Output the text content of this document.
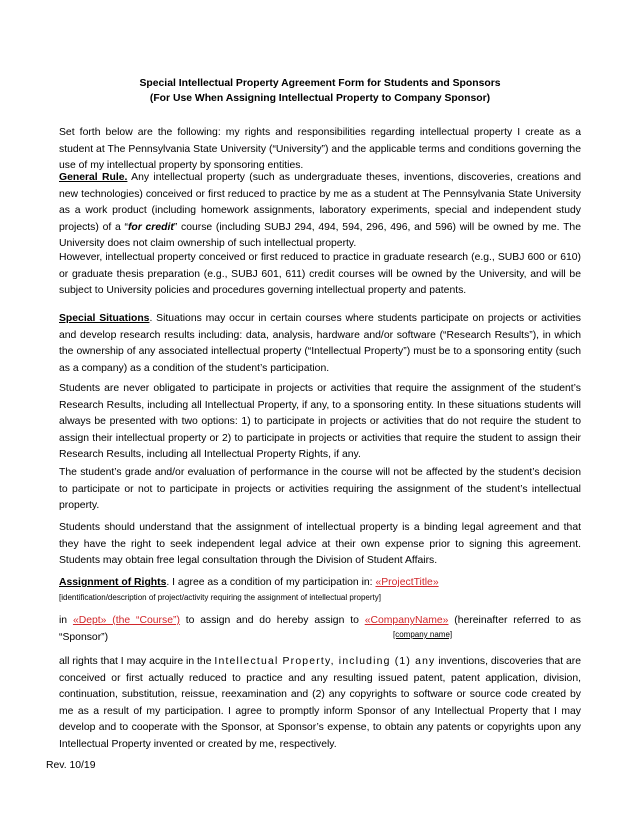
Special Intellectual Property Agreement Form for Students and Sponsors
(For Use When Assigning Intellectual Property to Company Sponsor)

Set forth below are the following: my rights and responsibilities regarding intellectual property I create as a student at The Pennsylvania State University (“University”) and the applicable terms and conditions governing the use of my intellectual property by sponsoring entities.

General Rule. Any intellectual property (such as undergraduate theses, inventions, discoveries, creations and new technologies) conceived or first reduced to practice by me as a student at The Pennsylvania State University as a work product (including homework assignments, laboratory experiments, special and independent study projects) of a “for credit” course (including SUBJ 294, 494, 594, 296, 496, and 596) will be owned by me. The University does not claim ownership of such intellectual property.

However, intellectual property conceived or first reduced to practice in graduate research (e.g., SUBJ 600 or 610) or graduate thesis preparation (e.g., SUBJ 601, 611) credit courses will be owned by the University, and will be subject to University policies and procedures governing intellectual property and patents.

Special Situations. Situations may occur in certain courses where students participate on projects or activities and develop research results including: data, analysis, hardware and/or software (“Research Results”), in which the ownership of any associated intellectual property (“Intellectual Property”) must be to a sponsoring entity (such as a company) as a condition of the student’s participation.

Students are never obligated to participate in projects or activities that require the assignment of the student’s Research Results, including all Intellectual Property, if any, to a sponsoring entity. In these situations students will always be presented with two options: 1) to participate in projects or activities that do not require the student to assign their intellectual property or 2) to participate in projects or activities that require the student to assign their Research Results, including all Intellectual Property Rights, if any.

The student’s grade and/or evaluation of performance in the course will not be affected by the student’s decision to participate or not to participate in projects or activities requiring the assignment of the student’s intellectual property.

Students should understand that the assignment of intellectual property is a binding legal agreement and that they have the right to seek independent legal advice at their own expense prior to signing this agreement. Students may obtain free legal consultation through the Division of Student Affairs.

Assignment of Rights. I agree as a condition of my participation in: «ProjectTitle»
[identification/description of project/activity requiring the assignment of intellectual property]
in «Dept» (the “Course”) to assign and do hereby assign to «CompanyName» (hereinafter referred to as “Sponsor”)	[company name]

all rights that I may acquire in the Intellectual Property, including (1) any inventions, discoveries that are conceived or first actually reduced to practice and any resulting issued patent, patent application, division, continuation, substitution, reissue, reexamination and (2) any copyrights to software or source code created by me as a result of my participation. I agree to promptly inform Sponsor of any Intellectual Property that I may develop and to cooperate with the Sponsor, at Sponsor’s expense, to obtain any patents or copyrights upon any Intellectual Property invented or created by me, respectively.

Rev. 10/19
